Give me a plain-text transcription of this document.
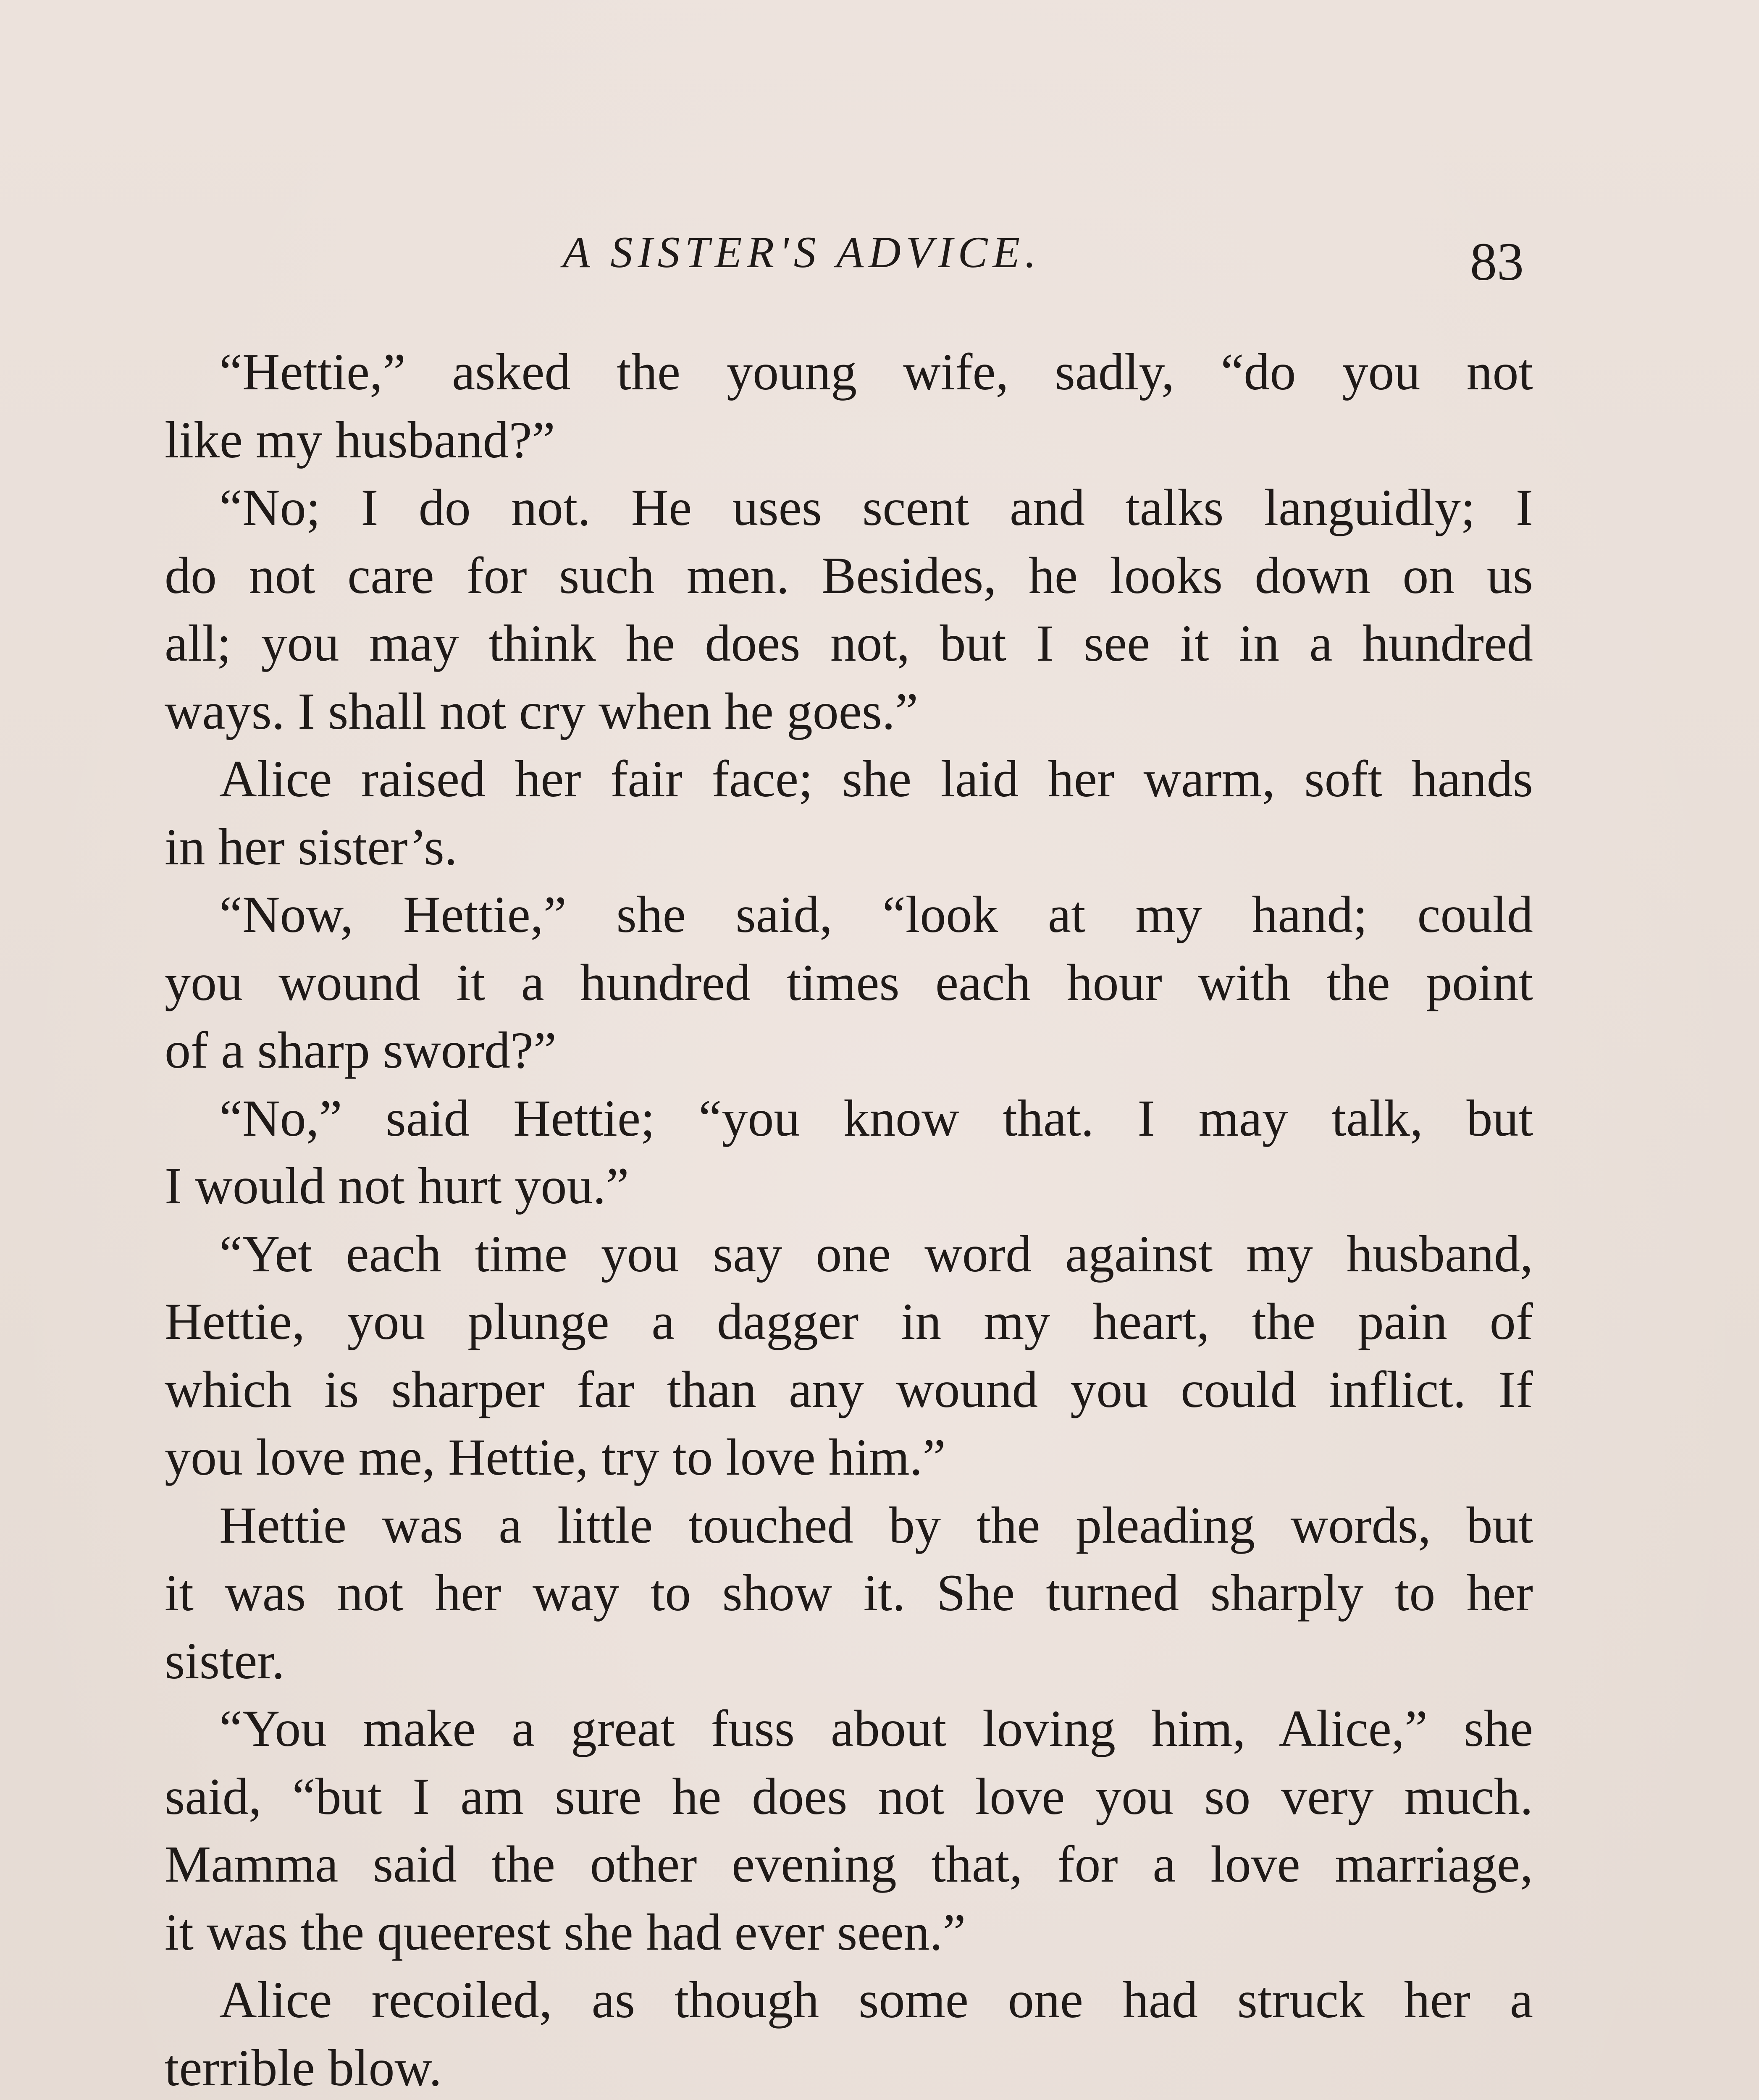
A SISTER'S ADVICE.	83
“Hettie,” asked the young wife, sadly, “do you not
like my husband?”
“No; I do not. He uses scent and talks languidly; I
do not care for such men. Besides, he looks down on us
all; you may think he does not, but I see it in a hundred
ways. I shall not cry when he goes.”
Alice raised her fair face; she laid her warm, soft hands
in her sister’s.
“Now, Hettie,” she said, “look at my hand; could
you wound it a hundred times each hour with the point
of a sharp sword?”
“No,” said Hettie; “you know that. I may talk, but
I would not hurt you.”
“Yet each time you say one word against my husband,
Hettie, you plunge a dagger in my heart, the pain of
which is sharper far than any wound you could inflict. If
you love me, Hettie, try to love him.”
Hettie was a little touched by the pleading words, but
it was not her way to show it. She turned sharply to her
sister.
“You make a great fuss about loving him, Alice,” she
said, “but I am sure he does not love you so very much.
Mamma said the other evening that, for a love marriage,
it was the queerest she had ever seen.”
Alice recoiled, as though some one had struck her a
terrible blow.
